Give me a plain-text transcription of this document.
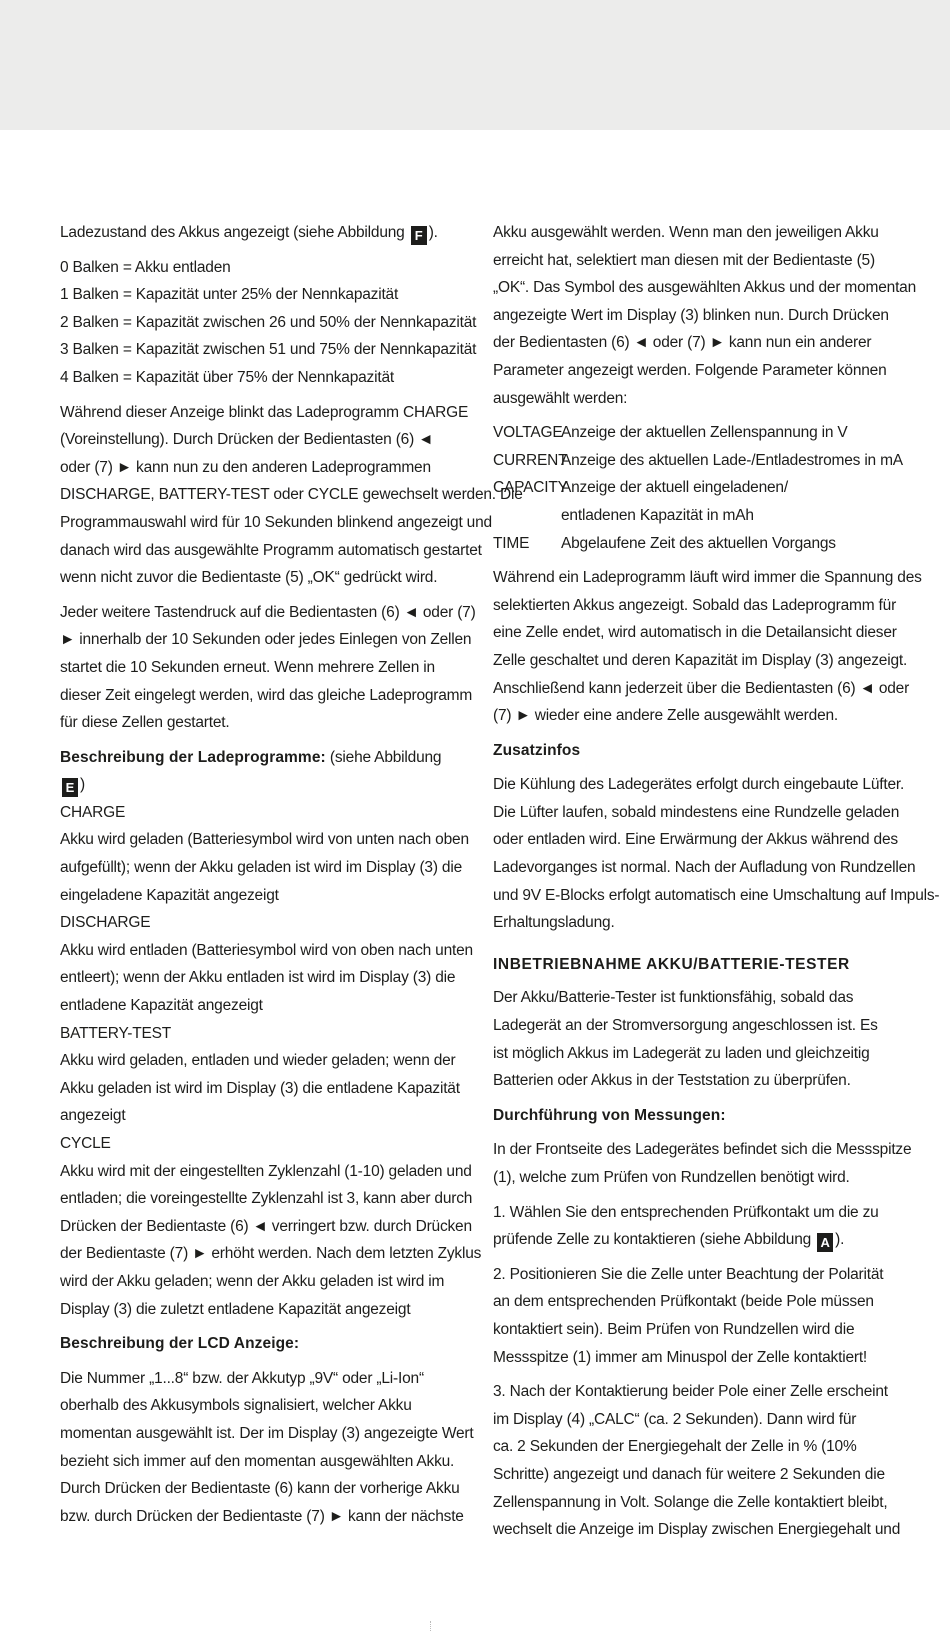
Ladezustand des Akkus angezeigt (siehe Abbildung F ).
0 Balken = Akku entladen
1 Balken = Kapazität unter 25% der Nennkapazität
2 Balken = Kapazität zwischen 26 und 50% der Nennkapazität
3 Balken = Kapazität zwischen 51 und 75% der Nennkapazität
4 Balken = Kapazität über 75% der Nennkapazität
Während dieser Anzeige blinkt das Ladeprogramm CHARGE
(Voreinstellung). Durch Drücken der Bedientasten (6) ◄
oder (7) ► kann nun zu den anderen Ladeprogrammen
DISCHARGE, BATTERY-TEST oder CYCLE gewechselt werden. Die
Programmauswahl wird für 10 Sekunden blinkend angezeigt und
danach wird das ausgewählte Programm automatisch gestartet
wenn nicht zuvor die Bedientaste (5) „OK“ gedrückt wird.
Jeder weitere Tastendruck auf die Bedientasten (6) ◄ oder (7)
► innerhalb der 10 Sekunden oder jedes Einlegen von Zellen
startet die 10 Sekunden erneut. Wenn mehrere Zellen in
dieser Zeit eingelegt werden, wird das gleiche Ladeprogramm
für diese Zellen gestartet.
Beschreibung der Ladeprogramme: (siehe Abbildung
E )
CHARGE
Akku wird geladen (Batteriesymbol wird von unten nach oben
aufgefüllt); wenn der Akku geladen ist wird im Display (3) die
eingeladene Kapazität angezeigt
DISCHARGE
Akku wird entladen (Batteriesymbol wird von oben nach unten
entleert); wenn der Akku entladen ist wird im Display (3) die
entladene Kapazität angezeigt
BATTERY-TEST
Akku wird geladen, entladen und wieder geladen; wenn der
Akku geladen ist wird im Display (3) die entladene Kapazität
angezeigt
CYCLE
Akku wird mit der eingestellten Zyklenzahl (1-10) geladen und
entladen; die voreingestellte Zyklenzahl ist 3, kann aber durch
Drücken der Bedientaste (6) ◄ verringert bzw. durch Drücken
der Bedientaste (7) ► erhöht werden. Nach dem letzten Zyklus
wird der Akku geladen; wenn der Akku geladen ist wird im
Display (3) die zuletzt entladene Kapazität angezeigt
Beschreibung der LCD Anzeige:
Die Nummer „1...8“ bzw. der Akkutyp „9V“ oder „Li-Ion“
oberhalb des Akkusymbols signalisiert, welcher Akku
momentan ausgewählt ist. Der im Display (3) angezeigte Wert
bezieht sich immer auf den momentan ausgewählten Akku.
Durch Drücken der Bedientaste (6) kann der vorherige Akku
bzw. durch Drücken der Bedientaste (7) ► kann der nächste
Akku ausgewählt werden. Wenn man den jeweiligen Akku
erreicht hat, selektiert man diesen mit der Bedientaste (5)
„OK“. Das Symbol des ausgewählten Akkus und der momentan
angezeigte Wert im Display (3) blinken nun. Durch Drücken
der Bedientasten (6) ◄ oder (7) ► kann nun ein anderer
Parameter angezeigt werden. Folgende Parameter können
ausgewählt werden:
VOLTAGE
Anzeige der aktuellen Zellenspannung in V
CURRENT
Anzeige des aktuellen Lade-/Entladestromes in mA
CAPACITY
Anzeige der aktuell eingeladenen/
entladenen Kapazität in mAh
TIME	Abgelaufene Zeit des aktuellen Vorgangs
Während ein Ladeprogramm läuft wird immer die Spannung des
selektierten Akkus angezeigt. Sobald das Ladeprogramm für
eine Zelle endet, wird automatisch in die Detailansicht dieser
Zelle geschaltet und deren Kapazität im Display (3) angezeigt.
Anschließend kann jederzeit über die Bedientasten (6) ◄ oder
(7) ► wieder eine andere Zelle ausgewählt werden.
Zusatzinfos
Die Kühlung des Ladegerätes erfolgt durch eingebaute Lüfter.
Die Lüfter laufen, sobald mindestens eine Rundzelle geladen
oder entladen wird. Eine Erwärmung der Akkus während des
Ladevorganges ist normal. Nach der Aufladung von Rundzellen
und 9V E-Blocks erfolgt automatisch eine Umschaltung auf Impuls-
Erhaltungsladung.
INBETRIEBNAHME AKKU/BATTERIE-TESTER
Der Akku/Batterie-Tester ist funktionsfähig, sobald das
Ladegerät an der Stromversorgung angeschlossen ist. Es
ist möglich Akkus im Ladegerät zu laden und gleichzeitig
Batterien oder Akkus in der Teststation zu überprüfen.
Durchführung von Messungen:
In der Frontseite des Ladegerätes befindet sich die Messspitze
(1), welche zum Prüfen von Rundzellen benötigt wird.
1. Wählen Sie den entsprechenden Prüfkontakt um die zu
prüfende Zelle zu kontaktieren (siehe Abbildung A ).
2. Positionieren Sie die Zelle unter Beachtung der Polarität
an dem entsprechenden Prüfkontakt (beide Pole müssen
kontaktiert sein). Beim Prüfen von Rundzellen wird die
Messspitze (1) immer am Minuspol der Zelle kontaktiert!
3. Nach der Kontaktierung beider Pole einer Zelle erscheint
im Display (4) „CALC“ (ca. 2 Sekunden). Dann wird für
ca. 2 Sekunden der Energiegehalt der Zelle in % (10%
Schritte) angezeigt und danach für weitere 2 Sekunden die
Zellenspannung in Volt. Solange die Zelle kontaktiert bleibt,
wechselt die Anzeige im Display zwischen Energiegehalt und
